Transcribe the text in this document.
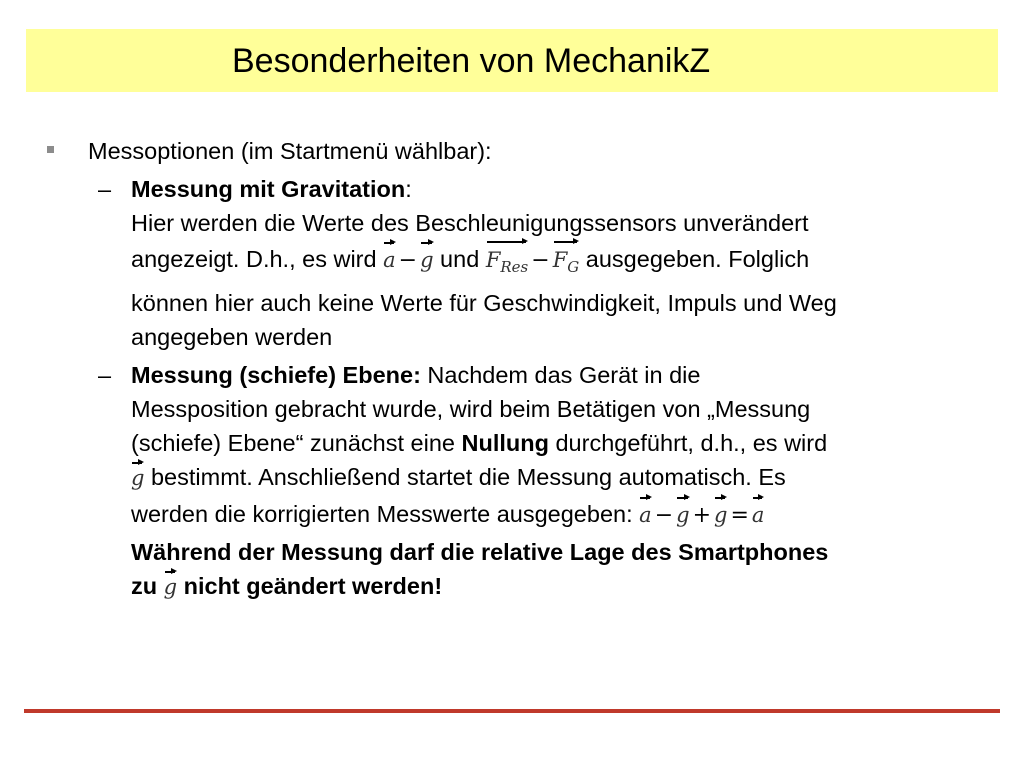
Besonderheiten von MechanikZ
Messoptionen (im Startmenü wählbar):
– Messung mit Gravitation:
Hier werden die Werte des Beschleunigungssensors unverändert
angezeigt. D.h., es wird a − g und $F_{Res} - F_G$ ausgegeben. Folglich
können hier auch keine Werte für Geschwindigkeit, Impuls und Weg
angegeben werden
– Messung (schiefe) Ebene: Nachdem das Gerät in die
Messposition gebracht wurde, wird beim Betätigen von „Messung
(schiefe) Ebene“ zunächst eine Nullung durchgeführt, d.h., es wird
g bestimmt. Anschließend startet die Messung automatisch. Es
werden die korrigierten Messwerte ausgegeben: a − g + g = a
Während der Messung darf die relative Lage des Smartphones
zu g nicht geändert werden!
